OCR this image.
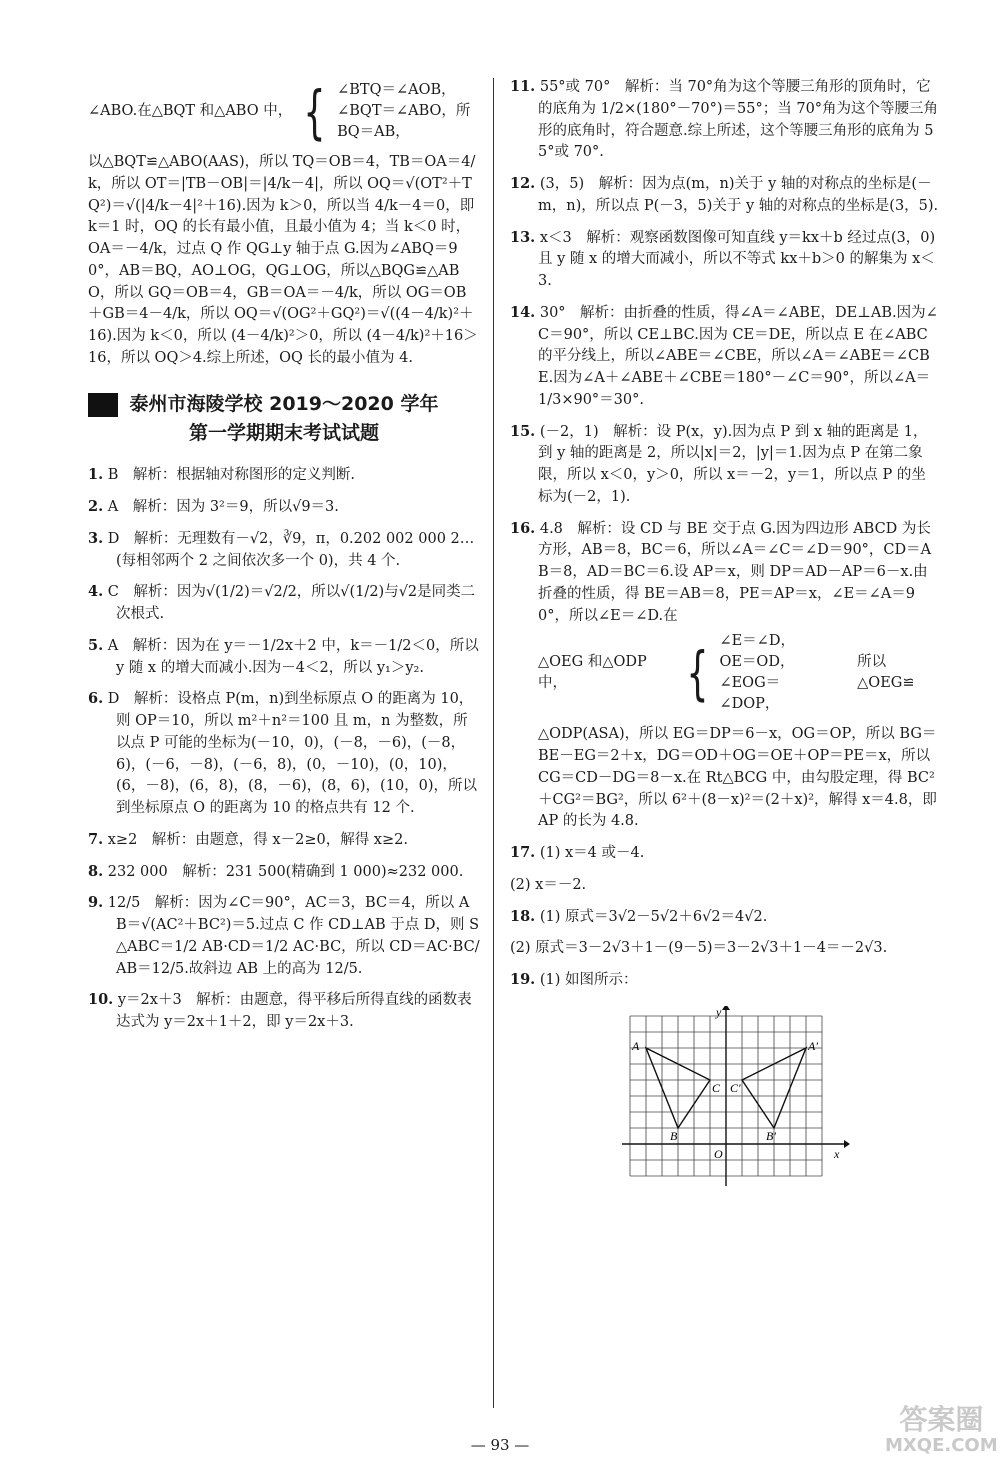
∠ABO.在△BQT 和△ABO 中， { ∠BTQ＝∠AOB，
∠BQT＝∠ABO，所
BQ＝AB，
以△BQT≌△ABO(AAS)，所以 TQ＝OB＝4，TB＝OA＝4/k，所以 OT＝|TB－OB|＝|4/k－4|，所以 OQ＝√(OT²＋TQ²)＝√(|4/k－4|²＋16).因为 k＞0，所以当 4/k－4＝0，即 k＝1 时，OQ 的长有最小值，且最小值为 4；当 k＜0 时，OA＝－4/k，过点 Q 作 QG⊥y 轴于点 G.因为∠ABQ＝90°，AB＝BQ，AO⊥OG，QG⊥OG，所以△BQG≌△ABO，所以 GQ＝OB＝4，GB＝OA＝－4/k，所以 OG＝OB＋GB＝4－4/k，所以 OQ＝√(OG²＋GQ²)＝√((4－4/k)²＋16).因为 k＜0，所以 (4－4/k)²＞0，所以 (4－4/k)²＋16＞16，所以 OQ＞4.综上所述，OQ 长的最小值为 4.
泰州市海陵学校 2019～2020 学年
第一学期期末考试试题
1. B　解析：根据轴对称图形的定义判断.
2. A　解析：因为 3²＝9，所以√9＝3.
3. D　解析：无理数有－√2，∛9，π，0.202 002 000 2…(每相邻两个 2 之间依次多一个 0)，共 4 个.
4. C　解析：因为√(1/2)＝√2/2，所以√(1/2)与√2是同类二次根式.
5. A　解析：因为在 y＝－1/2x＋2 中，k＝－1/2＜0，所以 y 随 x 的增大而减小.因为－4＜2，所以 y₁＞y₂.
6. D　解析：设格点 P(m，n)到坐标原点 O 的距离为 10，则 OP＝10，所以 m²＋n²＝100 且 m，n 为整数，所以点 P 可能的坐标为(－10，0)，(－8，－6)，(－8，6)，(－6，－8)，(－6，8)，(0，－10)，(0，10)，(6，－8)，(6，8)，(8，－6)，(8，6)，(10，0)，所以到坐标原点 O 的距离为 10 的格点共有 12 个.
7. x≥2　解析：由题意，得 x－2≥0，解得 x≥2.
8. 232 000　解析：231 500(精确到 1 000)≈232 000.
9. 12/5　解析：因为∠C＝90°，AC＝3，BC＝4，所以 AB＝√(AC²＋BC²)＝5.过点 C 作 CD⊥AB 于点 D，则 S△ABC＝1/2 AB·CD＝1/2 AC·BC，所以 CD＝AC·BC/AB＝12/5.故斜边 AB 上的高为 12/5.
10. y＝2x＋3　解析：由题意，得平移后所得直线的函数表达式为 y＝2x＋1＋2，即 y＝2x＋3.
11. 55°或 70°　解析：当 70°角为这个等腰三角形的顶角时，它的底角为 1/2×(180°－70°)＝55°；当 70°角为这个等腰三角形的底角时，符合题意.综上所述，这个等腰三角形的底角为 55°或 70°.
12. (3，5)　解析：因为点(m，n)关于 y 轴的对称点的坐标是(－m，n)，所以点 P(－3，5)关于 y 轴的对称点的坐标是(3，5).
13. x＜3　解析：观察函数图像可知直线 y＝kx＋b 经过点(3，0)且 y 随 x 的增大而减小，所以不等式 kx＋b＞0 的解集为 x＜3.
14. 30°　解析：由折叠的性质，得∠A＝∠ABE，DE⊥AB.因为∠C＝90°，所以 CE⊥BC.因为 CE＝DE，所以点 E 在∠ABC 的平分线上，所以∠ABE＝∠CBE，所以∠A＝∠ABE＝∠CBE.因为∠A＋∠ABE＋∠CBE＝180°－∠C＝90°，所以∠A＝1/3×90°＝30°.
15. (－2，1)　解析：设 P(x，y).因为点 P 到 x 轴的距离是 1，到 y 轴的距离是 2，所以|x|＝2，|y|＝1.因为点 P 在第二象限，所以 x＜0，y＞0，所以 x＝－2，y＝1，所以点 P 的坐标为(－2，1).
16. 4.8　解析：设 CD 与 BE 交于点 G.因为四边形 ABCD 为长方形，AB＝8，BC＝6，所以∠A＝∠C＝∠D＝90°，CD＝AB＝8，AD＝BC＝6.设 AP＝x，则 DP＝AD－AP＝6－x.由折叠的性质，得 BE＝AB＝8，PE＝AP＝x，∠E＝∠A＝90°，所以∠E＝∠D.在
△OEG 和△ODP 中，	{ ∠E＝∠D，
OE＝OD，
∠EOG＝∠DOP，
所以△OEG≌
△ODP(ASA)，所以 EG＝DP＝6－x，OG＝OP，所以 BG＝BE－EG＝2＋x，DG＝OD＋OG＝OE＋OP＝PE＝x，所以 CG＝CD－DG＝8－x.在 Rt△BCG 中，由勾股定理，得 BC²＋CG²＝BG²，所以 6²＋(8－x)²＝(2＋x)²，解得 x＝4.8，即 AP 的长为 4.8.
17. (1) x＝4 或－4.
(2) x＝－2.
18. (1) 原式＝3√2－5√2＋6√2＝4√2.
(2) 原式＝3－2√3＋1－(9－5)＝3－2√3＋1－4＝－2√3.
19. (1) 如图所示：
A	A′
B	B′
C C′
O	x
y
— 93 —
答案圈
MXQE.COM
